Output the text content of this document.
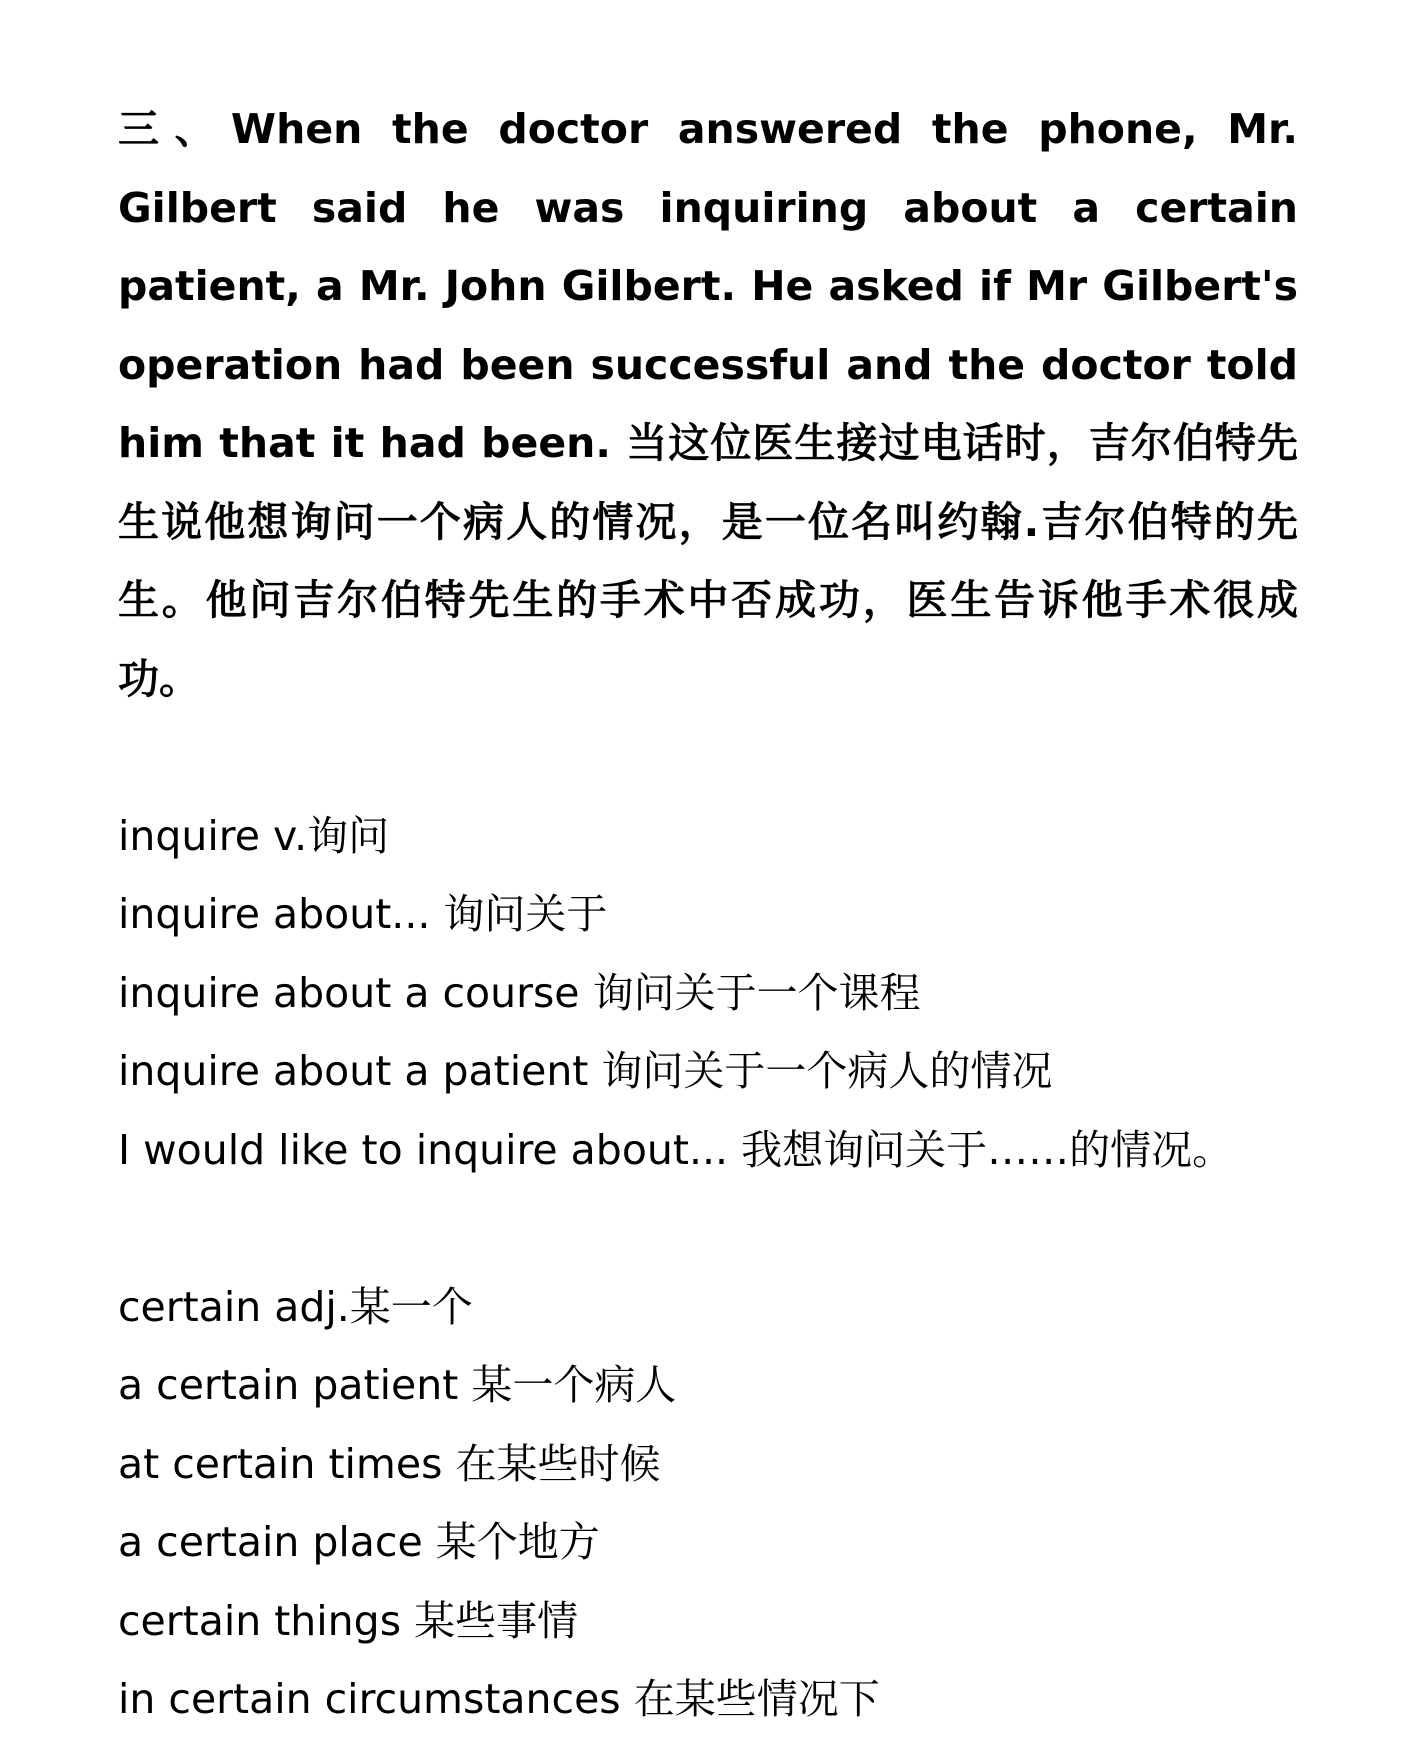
三、When the doctor answered the phone, Mr. Gilbert said he was inquiring about a certain patient, a Mr. John Gilbert. He asked if Mr Gilbert's operation had been successful and the doctor told him that it had been. 当这位医生接过电话时，吉尔伯特先生说他想询问一个病人的情况，是一位名叫约翰.吉尔伯特的先生。他问吉尔伯特先生的手术中否成功，医生告诉他手术很成功。

inquire v.询问

inquire about... 询问关于

inquire about a course 询问关于一个课程

inquire about a patient 询问关于一个病人的情况

I would like to inquire about... 我想询问关于……的情况。

certain adj.某一个

a certain patient 某一个病人

at certain times 在某些时候

a certain place 某个地方

certain things 某些事情

in certain circumstances 在某些情况下
